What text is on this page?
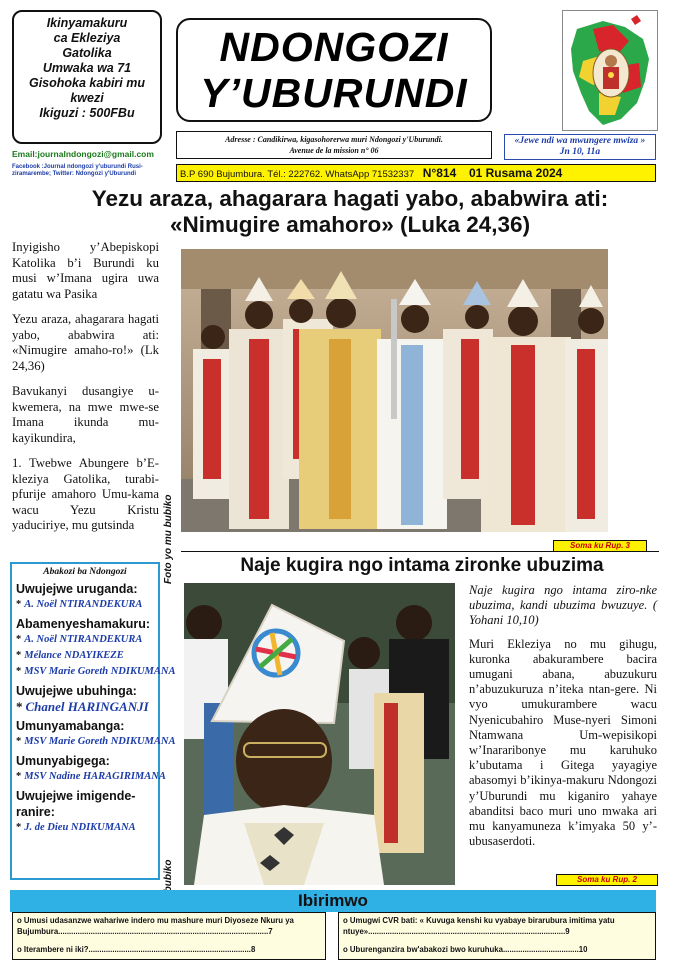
Ikinyamakuru
ca Ekleziya
Gatolika
Umwaka wa 71
Gisohoka kabiri mu
kwezi
Ikiguzi : 500FBu
Email:journalndongozi@gmail.com
Facebook :Journal ndongozi y'uburundi Rusi-ziramarembe; Twitter: Ndongozi y'Uburundi
NDONGOZI
Y’UBURUNDI
Adresse : Candikirwa, kigasohorerwa muri Ndongozi y'Uburundi.
Avenue de la mission n° 06
«Jewe ndi wa mwungere mwiza »
Jn 10, 11a
B.P 690 Bujumbura. Tél.: 222762. WhatsApp 71532337 N°814 01 Rusama 2024
Yezu araza, ahagarara hagati yabo, ababwira ati:
«Nimugire amahoro» (Luka 24,36)

Inyigisho y’Abepiskopi Katolika b’i Burundi ku musi w’Imana ugira uwa gatatu wa Pasika

Yezu araza, ahagarara hagati yabo, ababwira ati: «Nimugire amaho-ro!» (Lk 24,36)

Bavukanyi dusangiye u-kwemera, na mwe mwe-se Imana ikunda mu-kayikundira,

1. Twebwe Abungere b’E-kleziya Gatolika, turabi-pfurije amahoro Umu-kama wacu Yezu Kristu yaduciriye, mu gutsinda	Foto yo mu bubiko	Soma ku Rup. 3
Abakozi ba Ndongozi
Uwujejwe uruganda:
* A. Noël NTIRANDEKURA
Abamenyeshamakuru:
* A. Noël NTIRANDEKURA
* Mélance NDAYIKEZE
* MSV Marie Goreth NDIKUMANA
Uwujejwe ubuhinga:
* Chanel HARINGANJI
Umunyamabanga:
* MSV Marie Goreth NDIKUMANA
Umunyabigega:
* MSV Nadine HARAGIRIMANA
Uwujejwe imigende-ranire:
* J. de Dieu NDIKUMANA
Naje kugira ngo intama zironke ubuzima

Naje kugira ngo intama ziro-nke ubuzima, kandi ubuzima bwuzuye. ( Yohani 10,10)

Muri Ekleziya no mu gihugu, kuronka abakurambere bacira umugani abana, abuzukuru n’abuzukuruza n’iteka ntan-gere. Ni vyo umukurambere wacu Nyenicubahiro Muse-nyeri Simoni Ntamwana Um-wepisikopi w’Inararibonye mu karuhuko k’ubutama i Gitega yayagiye abasomyi b’ikinya-makuru Ndongozi y’Uburundi mu kiganiro yahaye abanditsi baco muri uno mwaka ari mu kanyamuneza k’imyaka 50 y’-ubusaserdoti.

Soma ku Rup. 2
Ibirimwo
o Umusi udasanzwe wahariwe indero mu mashure muri Diyoseze Nkuru ya Bujumbura.................................................................................................7
o Iterambere ni iki?...........................................................................8
o Umugwi CVR bati: « Kuvuga kenshi ku vyabaye birarubura imitima yatu ntuye»...........................................................................................9
o Uburenganzira bw'abakozi bwo kuruhuka...................................10
